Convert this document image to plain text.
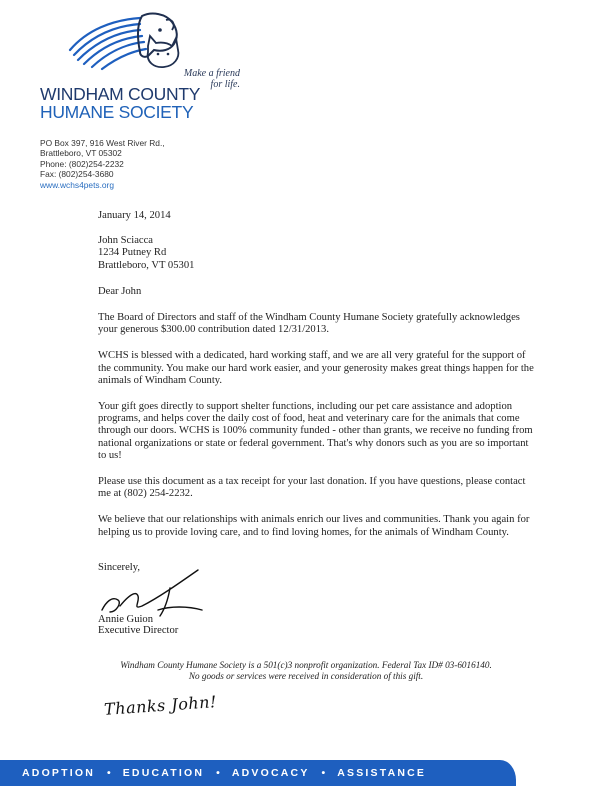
Make a friend
for life.
WINDHAM COUNTY
HUMANE SOCIETY
PO Box 397, 916 West River Rd.,
Brattleboro, VT 05302
Phone: (802)254-2232
Fax: (802)254-3680
www.wchs4pets.org

January 14, 2014

John Sciacca
1234 Putney Rd
Brattleboro, VT 05301

Dear John

The Board of Directors and staff of the Windham County Humane Society gratefully acknowledges your generous $300.00 contribution dated 12/31/2013.

WCHS is blessed with a dedicated, hard working staff, and we are all very grateful for the support of the community. You make our hard work easier, and your generosity makes great things happen for the animals of Windham County.

Your gift goes directly to support shelter functions, including our pet care assistance and adoption programs, and helps cover the daily cost of food, heat and veterinary care for the animals that come through our doors. WCHS is 100% community funded - other than grants, we receive no funding from national organizations or state or federal government. That's why donors such as you are so important to us!

Please use this document as a tax receipt for your last donation. If you have questions, please contact me at (802) 254-2232.

We believe that our relationships with animals enrich our lives and communities. Thank you again for helping us to provide loving care, and to find loving homes, for the animals of Windham County.

Sincerely,
Annie Guion
Executive Director
Windham County Humane Society is a 501(c)3 nonprofit organization. Federal Tax ID# 03-6016140.
No goods or services were received in consideration of this gift.
Thanks John!
ADOPTION • EDUCATION • ADVOCACY • ASSISTANCE
